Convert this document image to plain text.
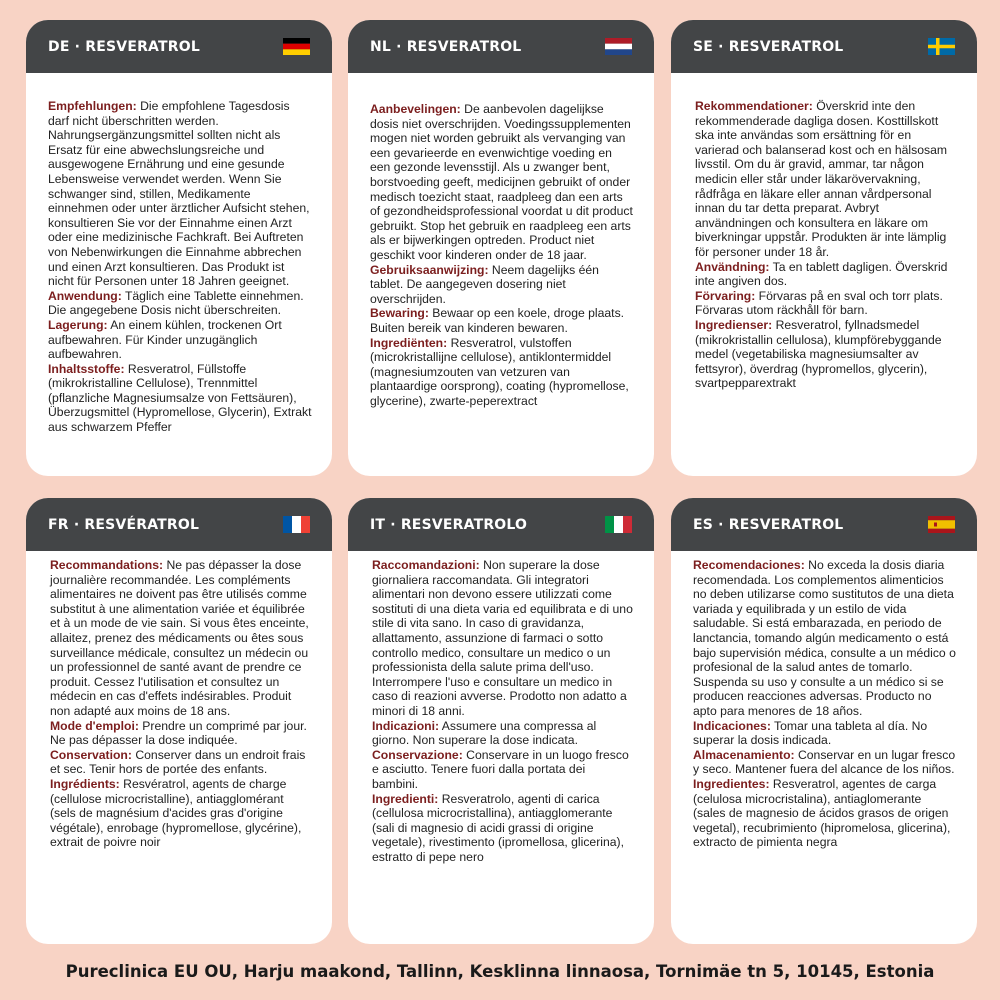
DE · RESVERATROL
Empfehlungen: Die empfohlene Tagesdosis darf nicht überschritten werden. Nahrungsergänzungsmittel sollten nicht als Ersatz für eine abwechslungsreiche und ausgewogene Ernährung und eine gesunde Lebensweise verwendet werden. Wenn Sie schwanger sind, stillen, Medikamente einnehmen oder unter ärztlicher Aufsicht stehen, konsultieren Sie vor der Einnahme einen Arzt oder eine medizinische Fachkraft. Bei Auftreten von Nebenwirkungen die Einnahme abbrechen und einen Arzt konsultieren. Das Produkt ist nicht für Personen unter 18 Jahren geeignet.
Anwendung: Täglich eine Tablette einnehmen. Die angegebene Dosis nicht überschreiten.
Lagerung: An einem kühlen, trockenen Ort aufbewahren. Für Kinder unzugänglich aufbewahren.
Inhaltsstoffe: Resveratrol, Füllstoffe (mikrokristalline Cellulose), Trennmittel (pflanzliche Magnesiumsalze von Fettsäuren), Überzugsmittel (Hypromellose, Glycerin), Extrakt aus schwarzem Pfeffer
NL · RESVERATROL
Aanbevelingen: De aanbevolen dagelijkse dosis niet overschrijden. Voedingssupplementen mogen niet worden gebruikt als vervanging van een gevarieerde en evenwichtige voeding en een gezonde levensstijl. Als u zwanger bent, borstvoeding geeft, medicijnen gebruikt of onder medisch toezicht staat, raadpleeg dan een arts of gezondheidsprofessional voordat u dit product gebruikt. Stop het gebruik en raadpleeg een arts als er bijwerkingen optreden. Product niet geschikt voor kinderen onder de 18 jaar.
Gebruiksaanwijzing: Neem dagelijks één tablet. De aangegeven dosering niet overschrijden.
Bewaring: Bewaar op een koele, droge plaats. Buiten bereik van kinderen bewaren.
Ingrediënten: Resveratrol, vulstoffen (microkristallijne cellulose), antiklontermiddel (magnesiumzouten van vetzuren van plantaardige oorsprong), coating (hypromellose, glycerine), zwarte-peperextract
SE · RESVERATROL
Rekommendationer: Överskrid inte den rekommenderade dagliga dosen. Kosttillskott ska inte användas som ersättning för en varierad och balanserad kost och en hälsosam livsstil. Om du är gravid, ammar, tar någon medicin eller står under läkarövervakning, rådfråga en läkare eller annan vårdpersonal innan du tar detta preparat. Avbryt användningen och konsultera en läkare om biverkningar uppstår. Produkten är inte lämplig för personer under 18 år.
Användning: Ta en tablett dagligen. Överskrid inte angiven dos.
Förvaring: Förvaras på en sval och torr plats. Förvaras utom räckhåll för barn.
Ingredienser: Resveratrol, fyllnadsmedel (mikrokristallin cellulosa), klumpförebyggande medel (vegetabiliska magnesiumsalter av fettsyror), överdrag (hypromellos, glycerin), svartpepparextrakt
FR · RESVÉRATROL
Recommandations: Ne pas dépasser la dose journalière recommandée. Les compléments alimentaires ne doivent pas être utilisés comme substitut à une alimentation variée et équilibrée et à un mode de vie sain. Si vous êtes enceinte, allaitez, prenez des médicaments ou êtes sous surveillance médicale, consultez un médecin ou un professionnel de santé avant de prendre ce produit. Cessez l'utilisation et consultez un médecin en cas d'effets indésirables. Produit non adapté aux moins de 18 ans.
Mode d'emploi: Prendre un comprimé par jour. Ne pas dépasser la dose indiquée.
Conservation: Conserver dans un endroit frais et sec. Tenir hors de portée des enfants.
Ingrédients: Resvératrol, agents de charge (cellulose microcristalline), antiagglomérant (sels de magnésium d'acides gras d'origine végétale), enrobage (hypromellose, glycérine), extrait de poivre noir
IT · RESVERATROLO
Raccomandazioni: Non superare la dose giornaliera raccomandata. Gli integratori alimentari non devono essere utilizzati come sostituti di una dieta varia ed equilibrata e di uno stile di vita sano. In caso di gravidanza, allattamento, assunzione di farmaci o sotto controllo medico, consultare un medico o un professionista della salute prima dell'uso. Interrompere l'uso e consultare un medico in caso di reazioni avverse. Prodotto non adatto a minori di 18 anni.
Indicazioni: Assumere una compressa al giorno. Non superare la dose indicata.
Conservazione: Conservare in un luogo fresco e asciutto. Tenere fuori dalla portata dei bambini.
Ingredienti: Resveratrolo, agenti di carica (cellulosa microcristallina), antiagglomerante (sali di magnesio di acidi grassi di origine vegetale), rivestimento (ipromellosa, glicerina), estratto di pepe nero
ES · RESVERATROL
Recomendaciones: No exceda la dosis diaria recomendada. Los complementos alimenticios no deben utilizarse como sustitutos de una dieta variada y equilibrada y un estilo de vida saludable. Si está embarazada, en periodo de lanctancia, tomando algún medicamento o está bajo supervisión médica, consulte a un médico o profesional de la salud antes de tomarlo. Suspenda su uso y consulte a un médico si se producen reacciones adversas. Producto no apto para menores de 18 años.
Indicaciones: Tomar una tableta al día. No superar la dosis indicada.
Almacenamiento: Conservar en un lugar fresco y seco. Mantener fuera del alcance de los niños.
Ingredientes: Resveratrol, agentes de carga (celulosa microcristalina), antiaglomerante (sales de magnesio de ácidos grasos de origen vegetal), recubrimiento (hipromelosa, glicerina), extracto de pimienta negra
Pureclinica EU OU, Harju maakond, Tallinn, Kesklinna linnaosa, Tornimäe tn 5, 10145, Estonia
